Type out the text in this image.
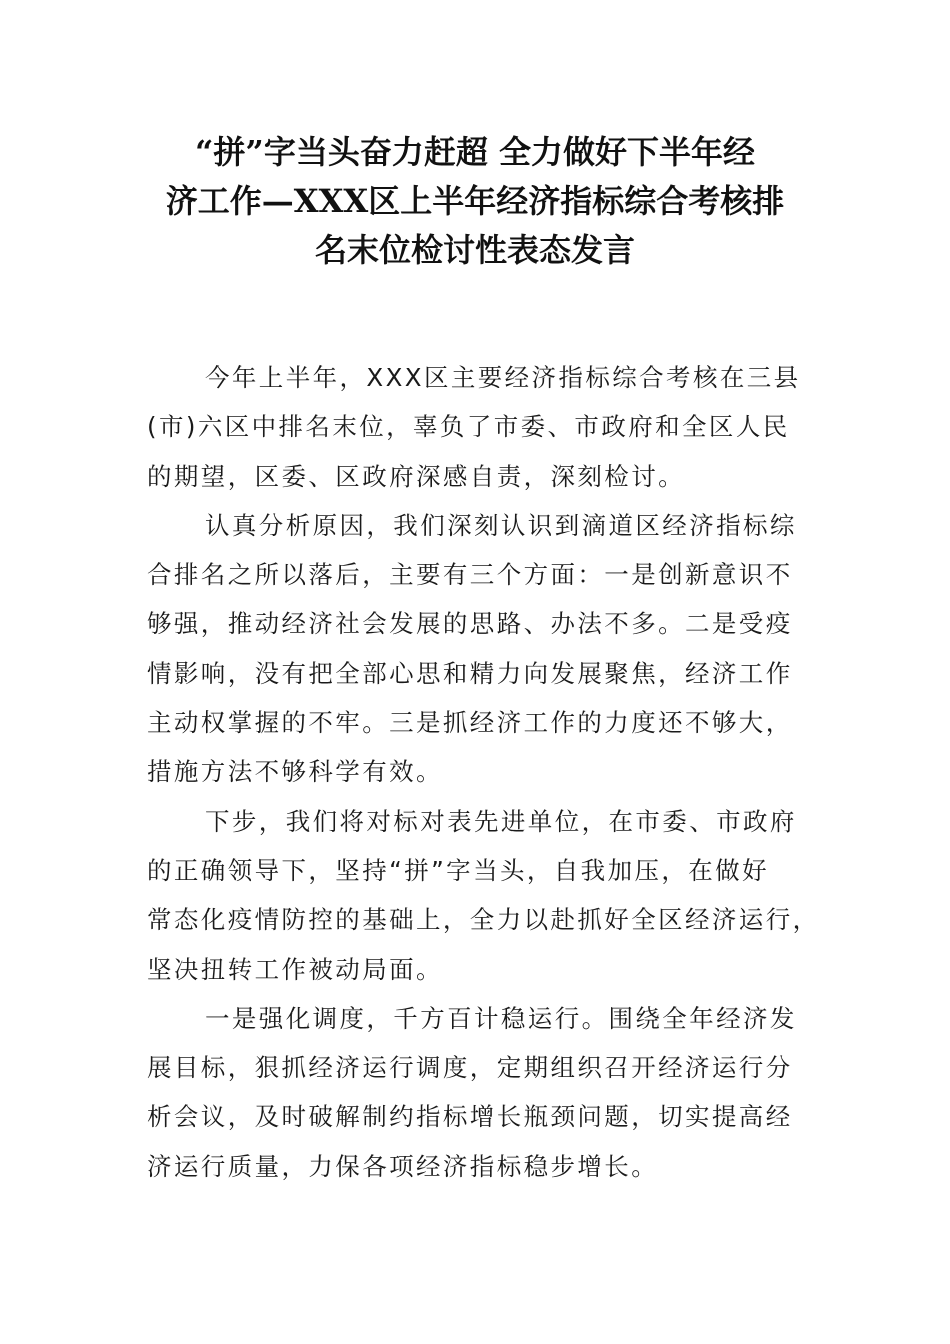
“拼”字当头奋力赶超 全力做好下半年经
济工作—XXX区上半年经济指标综合考核排
名末位检讨性表态发言
今年上半年，XXX区主要经济指标综合考核在三县
(市)六区中排名末位，辜负了市委、市政府和全区人民
的期望，区委、区政府深感自责，深刻检讨。
认真分析原因，我们深刻认识到滴道区经济指标综
合排名之所以落后，主要有三个方面：一是创新意识不
够强，推动经济社会发展的思路、办法不多。二是受疫
情影响，没有把全部心思和精力向发展聚焦，经济工作
主动权掌握的不牢。三是抓经济工作的力度还不够大，
措施方法不够科学有效。
下步，我们将对标对表先进单位，在市委、市政府
的正确领导下，坚持“拼”字当头，自我加压，在做好
常态化疫情防控的基础上，全力以赴抓好全区经济运行，
坚决扭转工作被动局面。
一是强化调度，千方百计稳运行。围绕全年经济发
展目标，狠抓经济运行调度，定期组织召开经济运行分
析会议，及时破解制约指标增长瓶颈问题，切实提高经
济运行质量，力保各项经济指标稳步增长。
